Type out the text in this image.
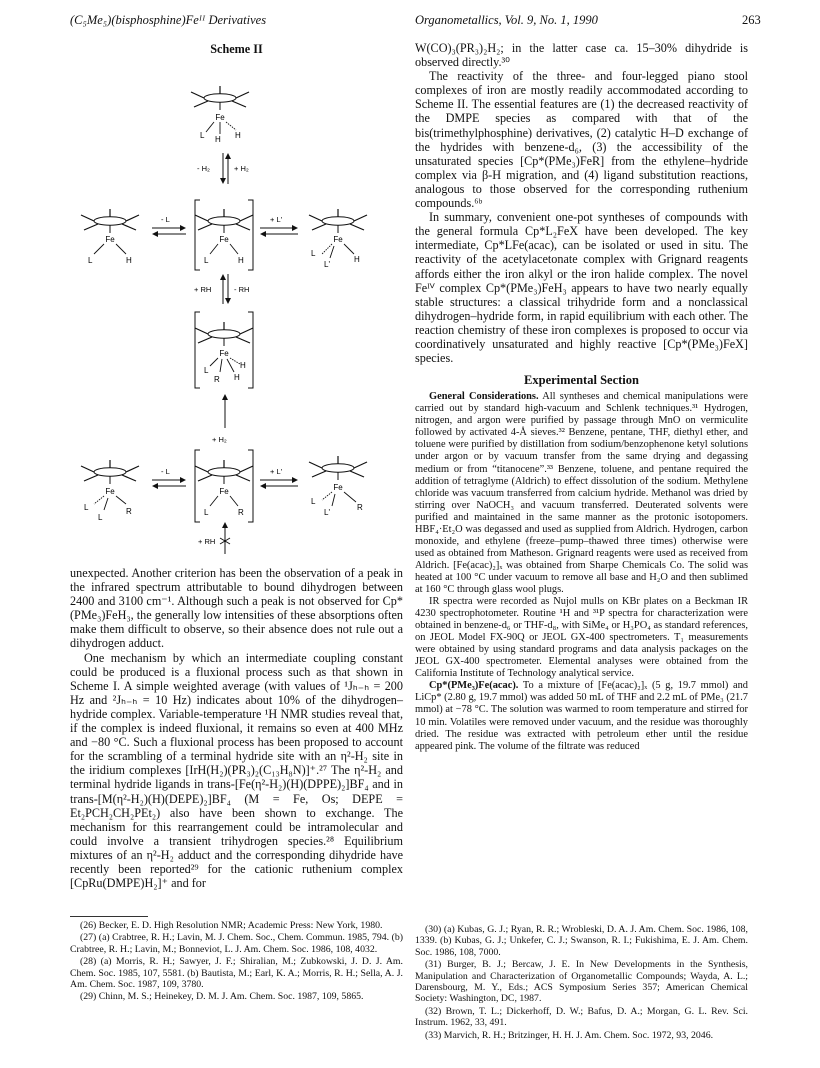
(C₅Me₅)(bisphosphine)Feᴵᴵ Derivatives	Organometallics, Vol. 9, No. 1, 1990	263
Scheme II
Fe
L H H
- H₂	+ H₂
Fe
L	H
- L
Fe
L	H
+ L'
Fe
L
L'
H
+ RH	- RH
Fe
L
H
R H
+ H₂
Fe
L
L
R
- L
Fe
L	R
+ L'
Fe
L
L'
R
+ RH

unexpected. Another criterion has been the observation of a peak in the infrared spectrum attributable to bound dihydrogen between 2400 and 3100 cm⁻¹. Although such a peak is not observed for Cp*(PMe₃)FeH₃, the generally low intensities of these absorptions often make them difficult to observe, so their absence does not rule out a dihydrogen adduct.

One mechanism by which an intermediate coupling constant could be produced is a fluxional process such as that shown in Scheme I. A simple weighted average (with values of ¹Jₕ₋ₕ = 200 Hz and ²Jₕ₋ₕ = 10 Hz) indicates about 10% of the dihydrogen–hydride complex. Variable-temperature ¹H NMR studies reveal that, if the complex is indeed fluxional, it remains so even at 400 MHz and −80 °C. Such a fluxional process has been proposed to account for the scrambling of a terminal hydride site with an η²-H₂ site in the iridium complexes [IrH(H₂)(PR₃)₂(C₁₃H₈N)]⁺.²⁷ The η²-H₂ and terminal hydride ligands in trans-[Fe(η²-H₂)(H)(DPPE)₂]BF₄ and in trans-[M(η²-H₂)(H)(DEPE)₂]BF₄ (M = Fe, Os; DEPE = Et₂PCH₂CH₂PEt₂) also have been shown to exchange. The mechanism for this rearrangement could be intramolecular and could involve a transient trihydrogen species.²⁸ Equilibrium mixtures of an η²-H₂ adduct and the corresponding dihydride have recently been reported²⁹ for the cationic ruthenium complex [CpRu(DMPE)H₂]⁺ and for

W(CO)₃(PR₃)₂H₂; in the latter case ca. 15–30% dihydride is observed directly.³⁰

The reactivity of the three- and four-legged piano stool complexes of iron are mostly readily accommodated according to Scheme II. The essential features are (1) the decreased reactivity of the DMPE species as compared with that of the bis(trimethylphosphine) derivatives, (2) catalytic H–D exchange of the hydrides with benzene-d₆, (3) the accessibility of the unsaturated species [Cp*(PMe₃)FeR] from the ethylene–hydride complex via β-H migration, and (4) ligand substitution reactions, analogous to those observed for the corresponding ruthenium compounds.⁶ᵇ

In summary, convenient one-pot syntheses of compounds with the general formula Cp*L₂FeX have been developed. The key intermediate, Cp*LFe(acac), can be isolated or used in situ. The reactivity of the acetylacetonate complex with Grignard reagents affords either the iron alkyl or the iron halide complex. The novel Feᴵⱽ complex Cp*(PMe₃)FeH₃ appears to have two nearly equally stable structures: a classical trihydride form and a nonclassical dihydrogen–hydride form, in rapid equilibrium with each other. The reaction chemistry of these iron complexes is proposed to occur via coordinatively unsaturated and highly reactive [Cp*(PMe₃)FeX] species.

Experimental Section

General Considerations. All syntheses and chemical manipulations were carried out by standard high-vacuum and Schlenk techniques.³¹ Hydrogen, nitrogen, and argon were purified by passage through MnO on vermiculite followed by activated 4-Å sieves.³² Benzene, pentane, THF, diethyl ether, and toluene were purified by distillation from sodium/benzophenone ketyl solutions under argon or by vacuum transfer from the same drying and degassing medium or from “titanocene”.³³ Benzene, toluene, and pentane required the addition of tetraglyme (Aldrich) to effect dissolution of the sodium. Methylene chloride was vacuum transferred from calcium hydride. Methanol was dried by stirring over NaOCH₃ and vacuum transferred. Deuterated solvents were purified and maintained in the same manner as the protonic isotopomers. HBF₄·Et₂O was degassed and used as supplied from Aldrich. Hydrogen, carbon monoxide, and ethylene (freeze–pump–thawed three times) otherwise were used as obtained from Matheson. Grignard reagents were used as received from Aldrich. [Fe(acac)₂]ₓ was obtained from Sharpe Chemicals Co. The solid was heated at 100 °C under vacuum to remove all base and H₂O and then sublimed at 160 °C through glass wool plugs.

IR spectra were recorded as Nujol mulls on KBr plates on a Beckman IR 4230 spectrophotometer. Routine ¹H and ³¹P spectra for characterization were obtained in benzene-d₆ or THF-d₈, with SiMe₄ or H₃PO₄ as standard references, on JEOL Model FX-90Q or JEOL GX-400 spectrometers. T₁ measurements were obtained by using standard programs and data analysis packages on the JEOL GX-400 spectrometer. Elemental analyses were obtained from the California Institute of Technology analytical service.

Cp*(PMe₃)Fe(acac). To a mixture of [Fe(acac)₂]ₓ (5 g, 19.7 mmol) and LiCp* (2.80 g, 19.7 mmol) was added 50 mL of THF and 2.2 mL of PMe₃ (21.7 mmol) at −78 °C. The solution was warmed to room temperature and stirred for 10 min. Volatiles were removed under vacuum, and the residue was thoroughly dried. The residue was extracted with petroleum ether until the residue appeared pink. The volume of the filtrate was reduced

(26) Becker, E. D. High Resolution NMR; Academic Press: New York, 1980.

(27) (a) Crabtree, R. H.; Lavin, M. J. Chem. Soc., Chem. Commun. 1985, 794. (b) Crabtree, R. H.; Lavin, M.; Bonneviot, L. J. Am. Chem. Soc. 1986, 108, 4032.

(28) (a) Morris, R. H.; Sawyer, J. F.; Shiralian, M.; Zubkowski, J. D. J. Am. Chem. Soc. 1985, 107, 5581. (b) Bautista, M.; Earl, K. A.; Morris, R. H.; Sella, A. J. Am. Chem. Soc. 1987, 109, 3780.

(29) Chinn, M. S.; Heinekey, D. M. J. Am. Chem. Soc. 1987, 109, 5865.

(30) (a) Kubas, G. J.; Ryan, R. R.; Wrobleski, D. A. J. Am. Chem. Soc. 1986, 108, 1339. (b) Kubas, G. J.; Unkefer, C. J.; Swanson, R. I.; Fukishima, E. J. Am. Chem. Soc. 1986, 108, 7000.

(31) Burger, B. J.; Bercaw, J. E. In New Developments in the Synthesis, Manipulation and Characterization of Organometallic Compounds; Wayda, A. L.; Darensbourg, M. Y., Eds.; ACS Symposium Series 357; American Chemical Society: Washington, DC, 1987.

(32) Brown, T. L.; Dickerhoff, D. W.; Bafus, D. A.; Morgan, G. L. Rev. Sci. Instrum. 1962, 33, 491.

(33) Marvich, R. H.; Britzinger, H. H. J. Am. Chem. Soc. 1972, 93, 2046.
